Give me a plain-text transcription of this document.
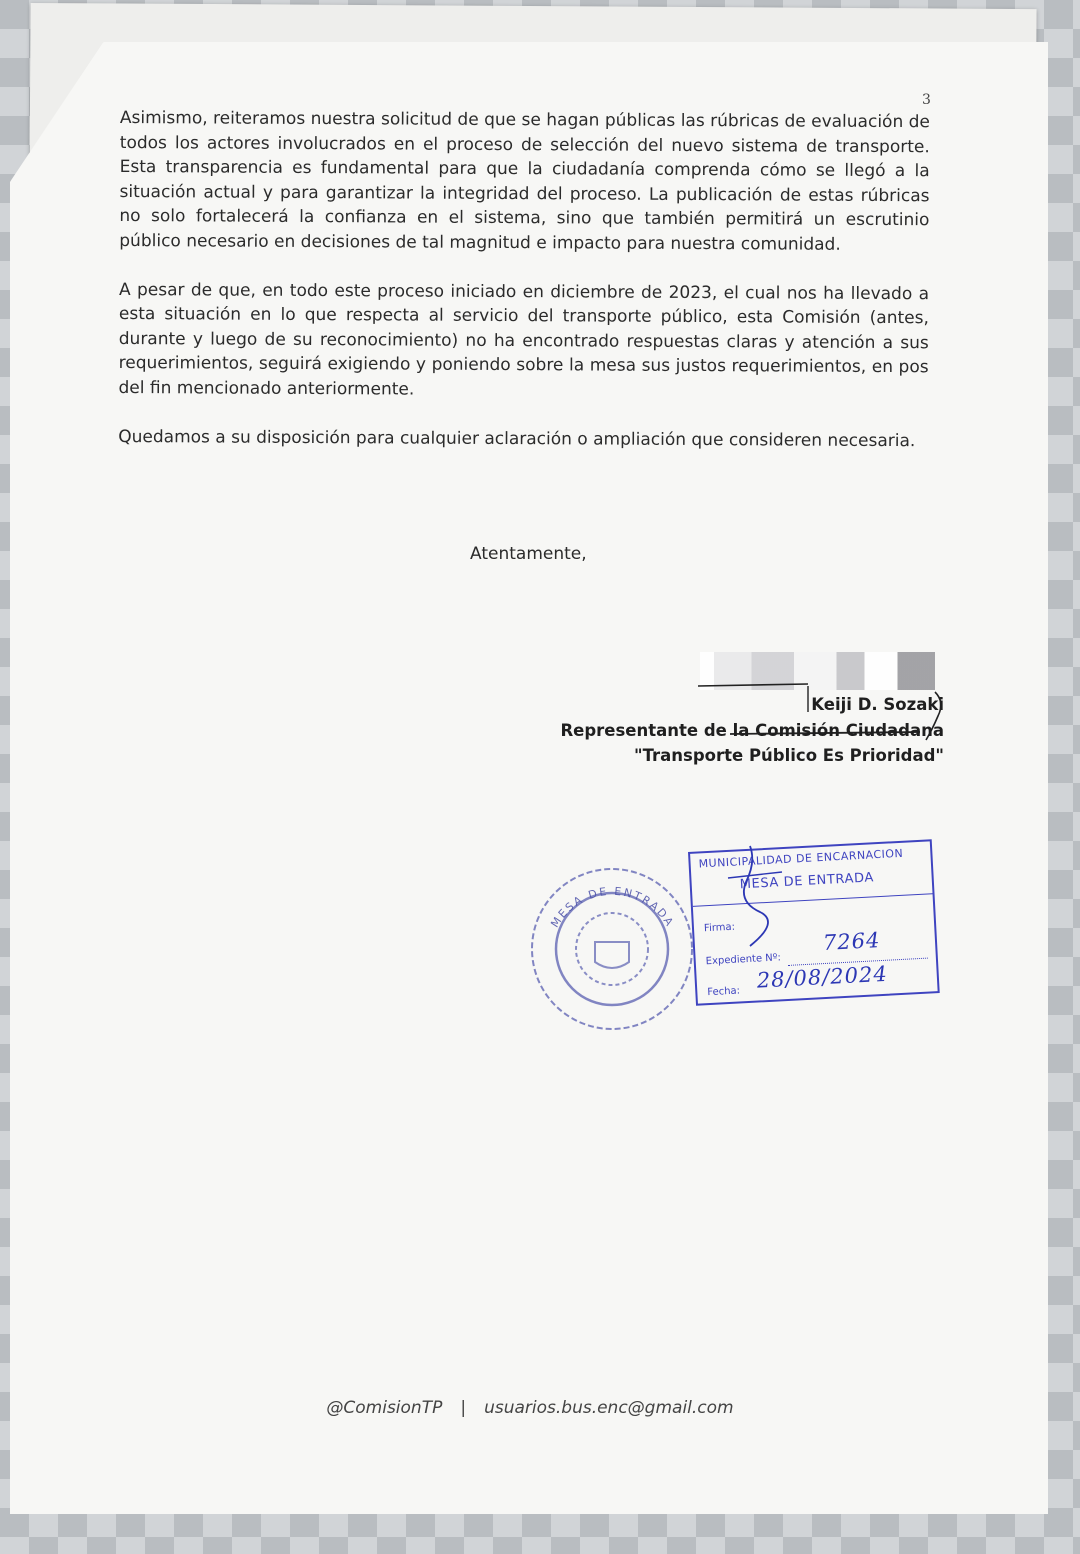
3

Asimismo, reiteramos nuestra solicitud de que se hagan públicas las rúbricas de evaluación de todos los actores involucrados en el proceso de selección del nuevo sistema de transporte. Esta transparencia es fundamental para que la ciudadanía comprenda cómo se llegó a la situación actual y para garantizar la integridad del proceso. La publicación de estas rúbricas no solo fortalecerá la confianza en el sistema, sino que también permitirá un escrutinio público necesario en decisiones de tal magnitud e impacto para nuestra comunidad.

A pesar de que, en todo este proceso iniciado en diciembre de 2023, el cual nos ha llevado a esta situación en lo que respecta al servicio del transporte público, esta Comisión (antes, durante y luego de su reconocimiento) no ha encontrado respuestas claras y atención a sus requerimientos, seguirá exigiendo y poniendo sobre la mesa sus justos requerimientos, en pos del fin mencionado anteriormente.

Quedamos a su disposición para cualquier aclaración o ampliación que consideren necesaria.

Atentamente,
Keiji D. Sozaki
Representante de la Comisión Ciudadana
"Transporte Público Es Prioridad"
MESA DE ENTRADA
MUNICIPALIDAD DE ENCARNACION
MESA DE ENTRADA
Firma:
Expediente Nº:
7264
Fecha: 28/08/2024
@ComisionTP | usuarios.bus.enc@gmail.com
